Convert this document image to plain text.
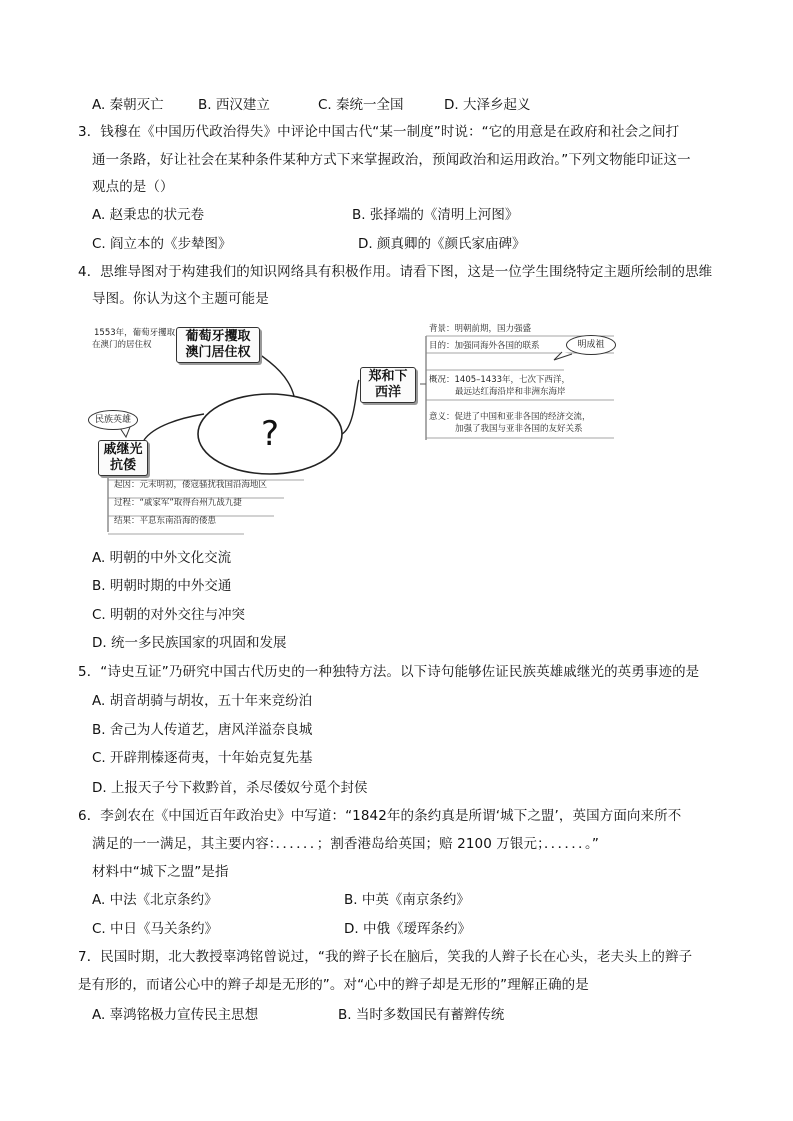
A. 秦朝灭亡	B. 西汉建立	C. 秦统一全国	D. 大泽乡起义
3．钱穆在《中国历代政治得失》中评论中国古代“某一制度”时说：“它的用意是在政府和社会之间打
通一条路，好让社会在某种条件某种方式下来掌握政治，预闻政治和运用政治。”下列文物能印证这一
观点的是（）
A. 赵秉忠的状元卷	B. 张择端的《清明上河图》
C. 阎立本的《步辇图》	D. 颜真卿的《颜氏家庙碑》
4．思维导图对于构建我们的知识网络具有积极作用。请看下图，这是一位学生围绕特定主题所绘制的思维
导图。你认为这个主题可能是
?
1553年，葡萄牙攫取
在澳门的居住权
葡萄牙攫取
澳门居住权
郑和下
西洋
明成祖
背景：明朝前期，国力强盛
目的：加强同海外各国的联系
概况：1405–1433年，七次下西洋，
最远达红海沿岸和非洲东海岸
意义：促进了中国和亚非各国的经济交流，
加强了我国与亚非各国的友好关系
民族英雄
戚继光
抗倭
起因：元末明初，倭寇骚扰我国沿海地区
过程：“戚家军”取得台州九战九捷
结果：平息东南沿海的倭患
A. 明朝的中外文化交流
B. 明朝时期的中外交通
C. 明朝的对外交往与冲突
D. 统一多民族国家的巩固和发展
5．“诗史互证”乃研究中国古代历史的一种独特方法。以下诗句能够佐证民族英雄戚继光的英勇事迹的是
A. 胡音胡骑与胡妆，五十年来竞纷泊
B. 舍己为人传道艺，唐风洋溢奈良城
C. 开辟荆榛逐荷夷，十年始克复先基
D. 上报天子兮下救黔首，杀尽倭奴兮觅个封侯
6．李剑农在《中国近百年政治史》中写道：“1842年的条约真是所谓‘城下之盟’，英国方面向来所不
满足的一一满足，其主要内容：．．．．．．；割香港岛给英国；赔 2100 万银元；．．．．．．。”
材料中“城下之盟”是指
A. 中法《北京条约》	B. 中英《南京条约》
C. 中日《马关条约》	D. 中俄《瑷珲条约》
7．民国时期，北大教授辜鸿铭曾说过，“我的辫子长在脑后，笑我的人辫子长在心头，老夫头上的辫子
是有形的，而诸公心中的辫子却是无形的”。对“心中的辫子却是无形的”理解正确的是
A. 辜鸿铭极力宣传民主思想	B. 当时多数国民有蓄辫传统
